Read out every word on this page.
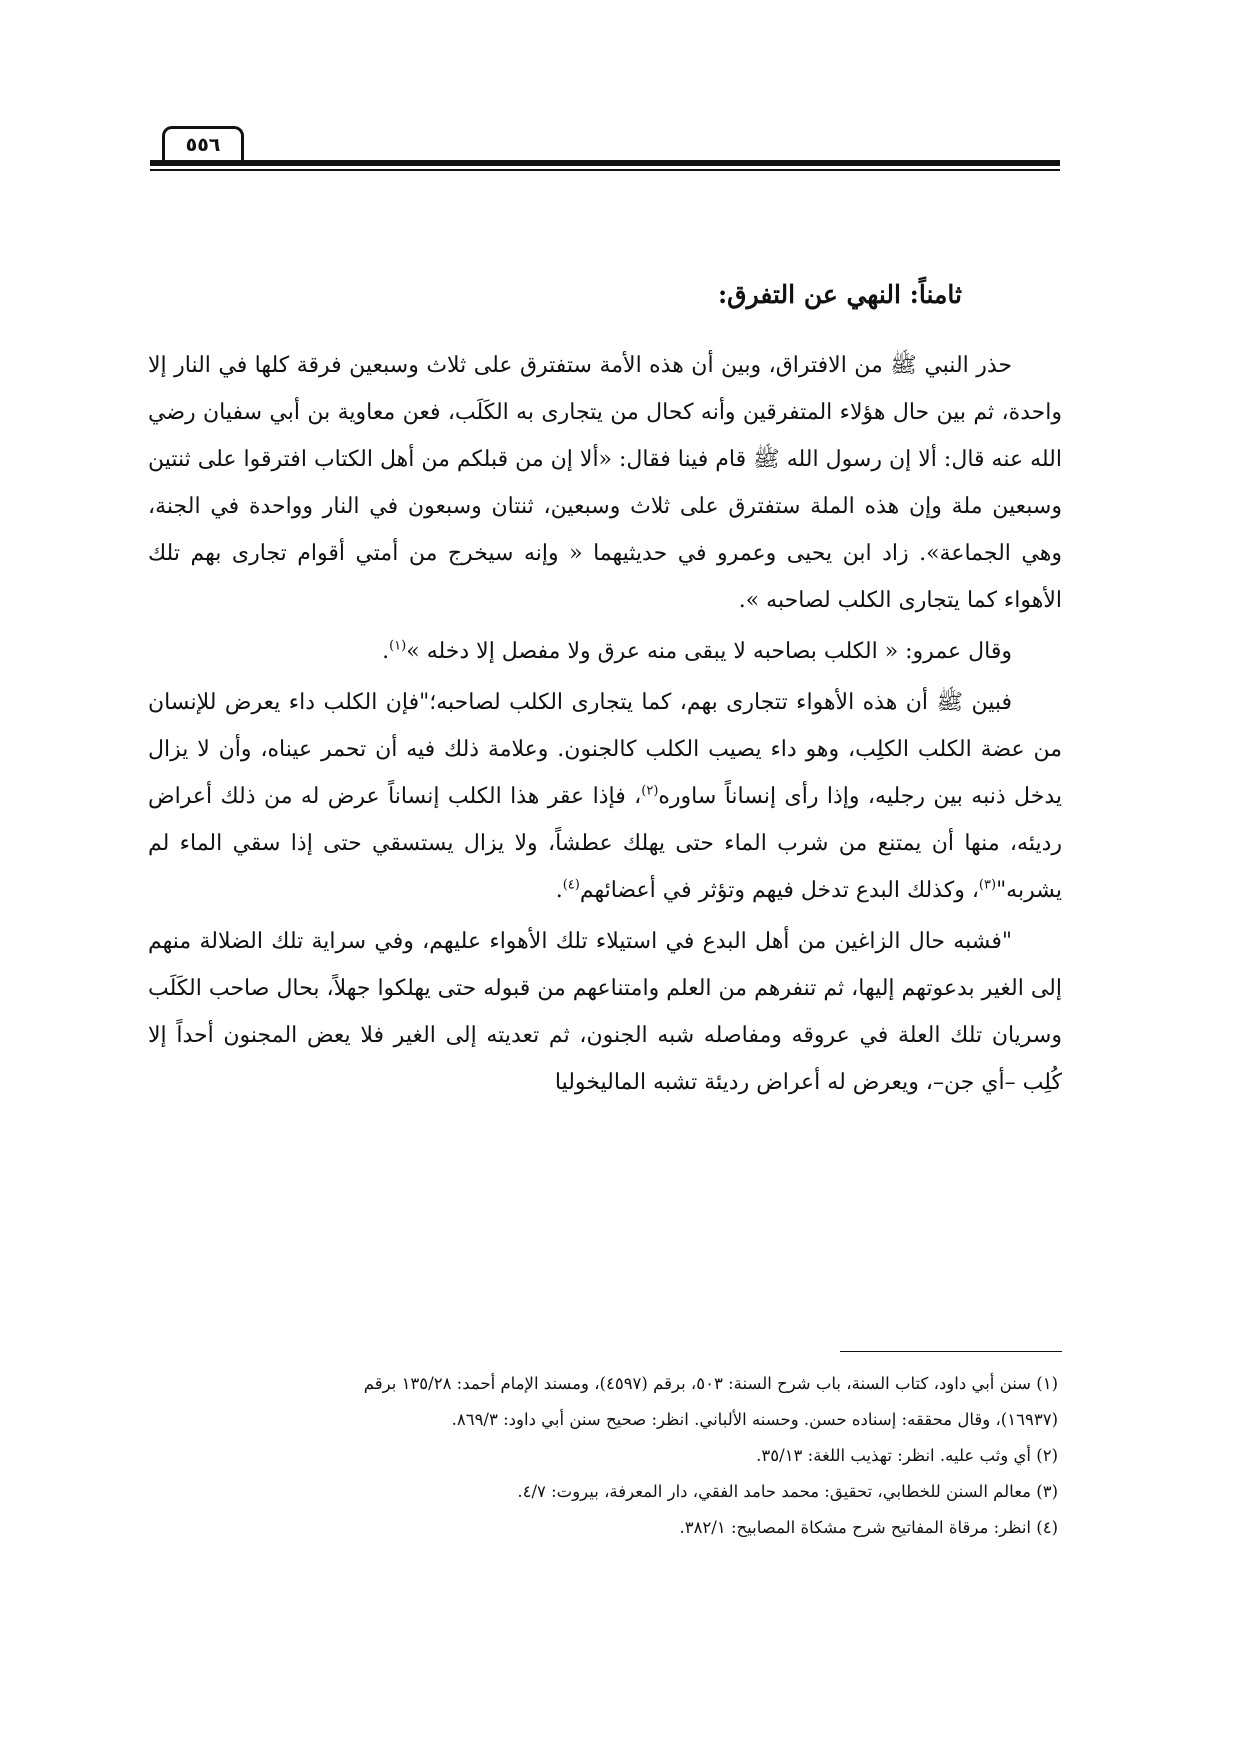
٥٥٦
ثامناً: النهي عن التفرق:

حذر النبي ﷺ من الافتراق، وبين أن هذه الأمة ستفترق على ثلاث وسبعين فرقة كلها في النار إلا واحدة، ثم بين حال هؤلاء المتفرقين وأنه كحال من يتجارى به الكَلَب، فعن معاوية بن أبي سفيان رضي الله عنه قال: ألا إن رسول الله ﷺ قام فينا فقال: «ألا إن من قبلكم من أهل الكتاب افترقوا على ثنتين وسبعين ملة وإن هذه الملة ستفترق على ثلاث وسبعين، ثنتان وسبعون في النار وواحدة في الجنة، وهي الجماعة». زاد ابن يحيى وعمرو في حديثيهما « وإنه سيخرج من أمتي أقوام تجارى بهم تلك الأهواء كما يتجارى الكلب لصاحبه ».

وقال عمرو: « الكلب بصاحبه لا يبقى منه عرق ولا مفصل إلا دخله »$^{(١)}$.

فبين ﷺ أن هذه الأهواء تتجارى بهم، كما يتجارى الكلب لصاحبه؛"فإن الكلب داء يعرض للإنسان من عضة الكلب الكلِب، وهو داء يصيب الكلب كالجنون. وعلامة ذلك فيه أن تحمر عيناه، وأن لا يزال يدخل ذنبه بين رجليه، وإذا رأى إنساناً ساوره$^{(٢)}$، فإذا عقر هذا الكلب إنساناً عرض له من ذلك أعراض رديئه، منها أن يمتنع من شرب الماء حتى يهلك عطشاً، ولا يزال يستسقي حتى إذا سقي الماء لم يشربه"$^{(٣)}$، وكذلك البدع تدخل فيهم وتؤثر في أعضائهم$^{(٤)}$.

"فشبه حال الزاغين من أهل البدع في استيلاء تلك الأهواء عليهم، وفي سراية تلك الضلالة منهم إلى الغير بدعوتهم إليها، ثم تنفرهم من العلم وامتناعهم من قبوله حتى يهلكوا جهلاً، بحال صاحب الكَلَب وسريان تلك العلة في عروقه ومفاصله شبه الجنون، ثم تعديته إلى الغير فلا يعض المجنون أحداً إلا كُلِب –أي جن–، ويعرض له أعراض رديئة تشبه الماليخوليا

(١) سنن أبي داود، كتاب السنة، باب شرح السنة: ٥٠٣، برقم (٤٥٩٧)، ومسند الإمام أحمد: ١٣٥/٢٨ برقم
(١٦٩٣٧)، وقال محققه: إسناده حسن. وحسنه الألباني. انظر: صحيح سنن أبي داود: ٨٦٩/٣.

(٢) أي وثب عليه. انظر: تهذيب اللغة: ٣٥/١٣.

(٣) معالم السنن للخطابي، تحقيق: محمد حامد الفقي، دار المعرفة، بيروت: ٤/٧.

(٤) انظر: مرقاة المفاتيح شرح مشكاة المصابيح: ٣٨٢/١.
